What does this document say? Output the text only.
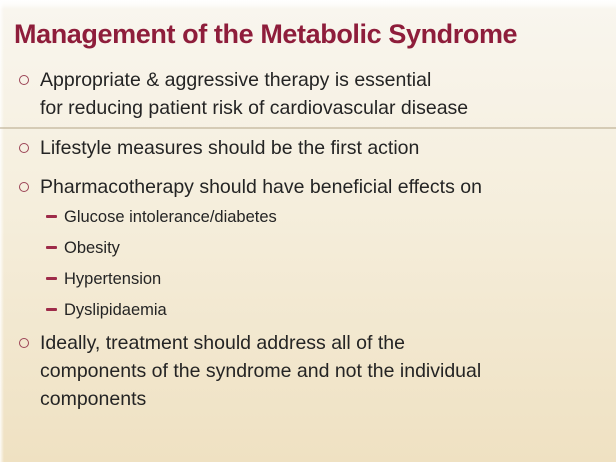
Management of the Metabolic Syndrome
Appropriate & aggressive therapy is essential
for reducing patient risk of cardiovascular disease
Lifestyle measures should be the first action
Pharmacotherapy should have beneficial effects on
Glucose intolerance/diabetes
Obesity
Hypertension
Dyslipidaemia
Ideally, treatment should address all of the
components of the syndrome and not the individual
components
